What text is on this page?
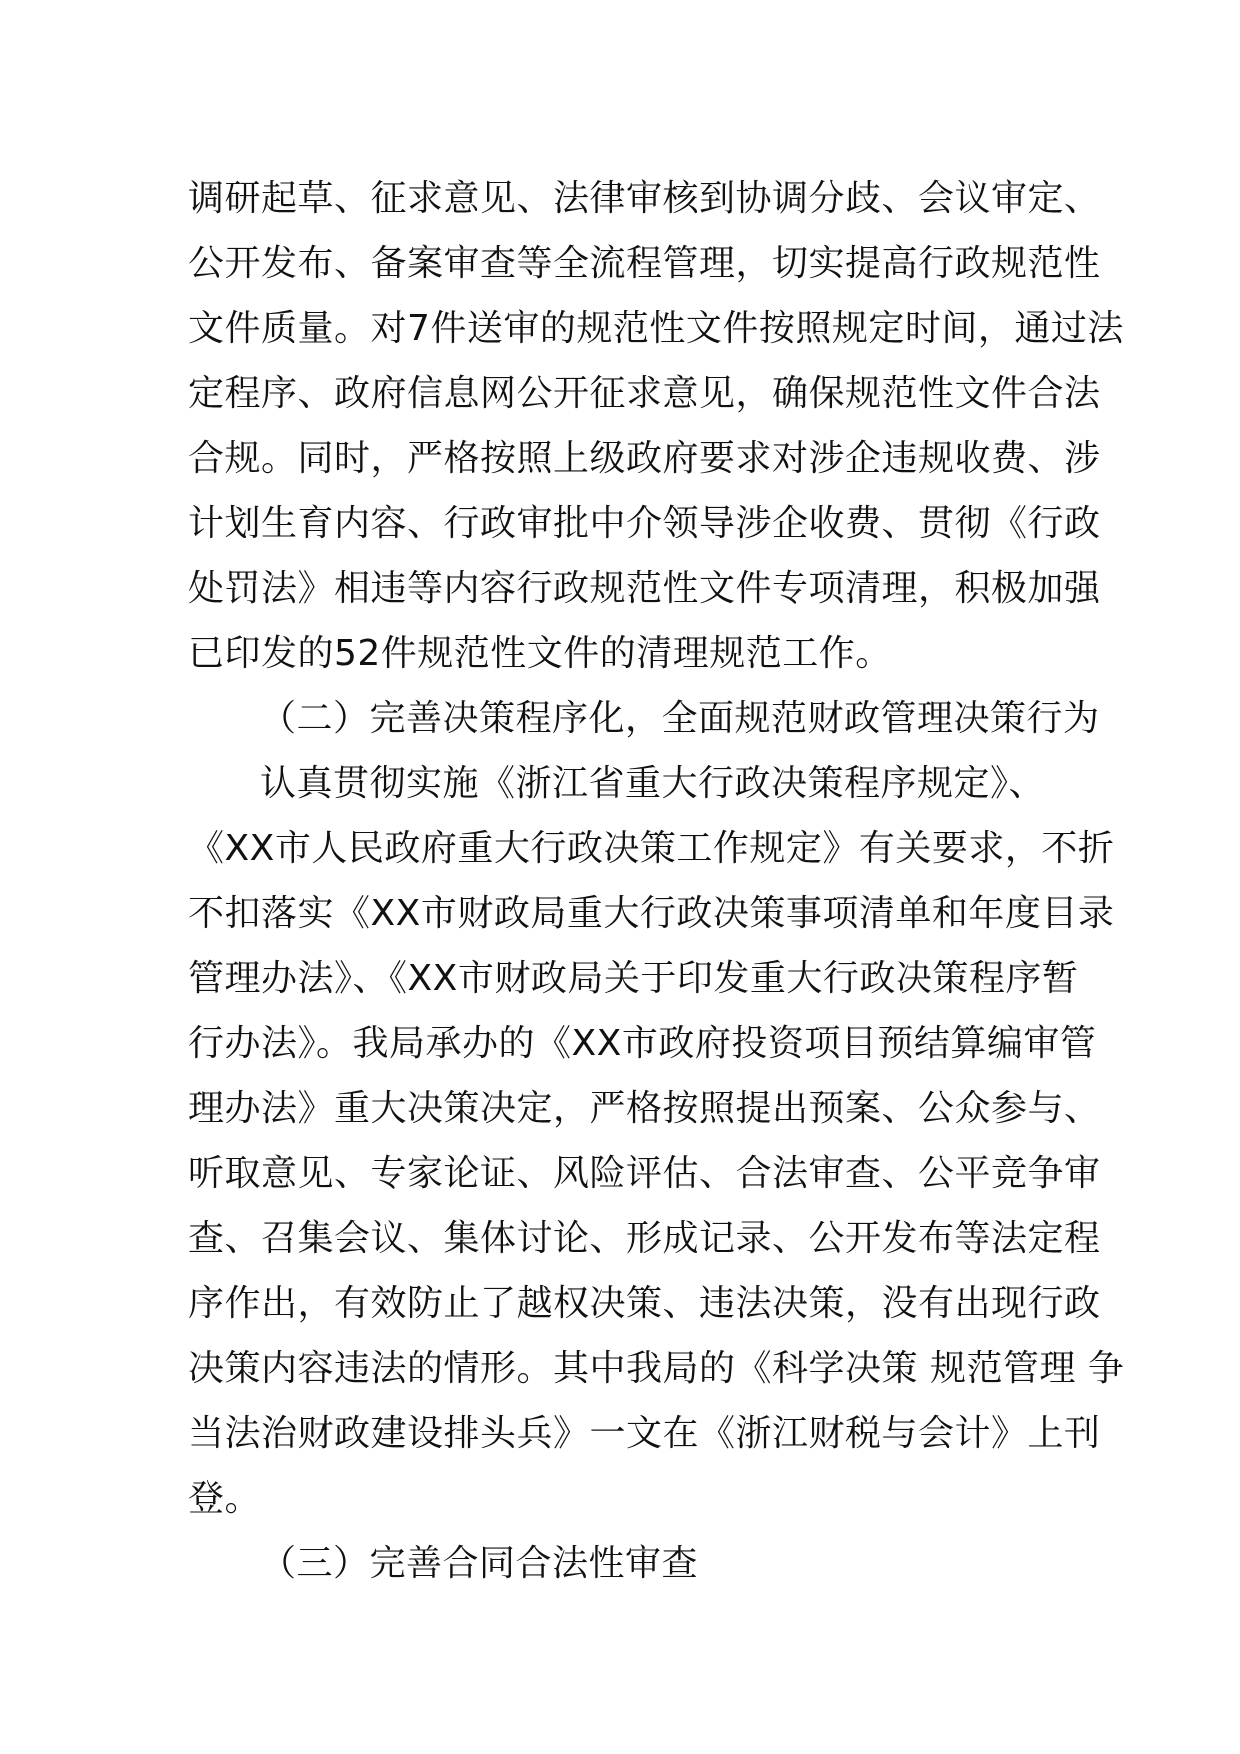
调研起草、征求意见、法律审核到协调分歧、会议审定、
公开发布、备案审查等全流程管理，切实提高行政规范性
文件质量。对7件送审的规范性文件按照规定时间，通过法
定程序、政府信息网公开征求意见，确保规范性文件合法
合规。同时，严格按照上级政府要求对涉企违规收费、涉
计划生育内容、行政审批中介领导涉企收费、贯彻《行政
处罚法》相违等内容行政规范性文件专项清理，积极加强
已印发的52件规范性文件的清理规范工作。
（二）完善决策程序化，全面规范财政管理决策行为
认真贯彻实施《浙江省重大行政决策程序规定》、
《XX市人民政府重大行政决策工作规定》有关要求，不折
不扣落实《XX市财政局重大行政决策事项清单和年度目录
管理办法》、《XX市财政局关于印发重大行政决策程序暂
行办法》。我局承办的《XX市政府投资项目预结算编审管
理办法》重大决策决定，严格按照提出预案、公众参与、
听取意见、专家论证、风险评估、合法审查、公平竞争审
查、召集会议、集体讨论、形成记录、公开发布等法定程
序作出，有效防止了越权决策、违法决策，没有出现行政
决策内容违法的情形。其中我局的《科学决策 规范管理 争
当法治财政建设排头兵》一文在《浙江财税与会计》上刊
登。
（三）完善合同合法性审查
